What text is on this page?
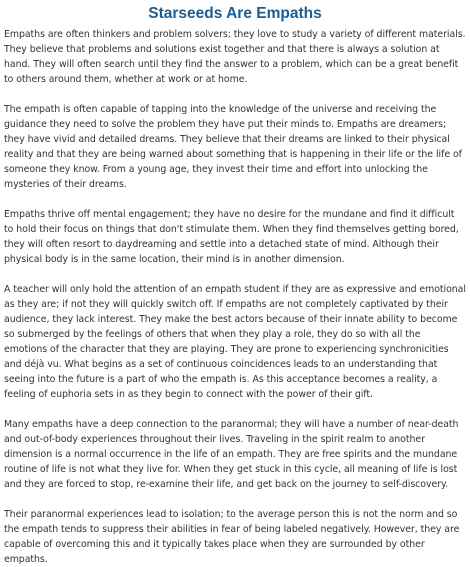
Starseeds Are Empaths

Empaths are often thinkers and problem solvers; they love to study a variety of different materials. They believe that problems and solutions exist together and that there is always a solution at hand. They will often search until they find the answer to a problem, which can be a great benefit to others around them, whether at work or at home.

The empath is often capable of tapping into the knowledge of the universe and receiving the guidance they need to solve the problem they have put their minds to. Empaths are dreamers; they have vivid and detailed dreams. They believe that their dreams are linked to their physical reality and that they are being warned about something that is happening in their life or the life of someone they know. From a young age, they invest their time and effort into unlocking the mysteries of their dreams.

Empaths thrive off mental engagement; they have no desire for the mundane and find it difficult to hold their focus on things that don't stimulate them. When they find themselves getting bored, they will often resort to daydreaming and settle into a detached state of mind. Although their physical body is in the same location, their mind is in another dimension.

A teacher will only hold the attention of an empath student if they are as expressive and emotional as they are; if not they will quickly switch off. If empaths are not completely captivated by their audience, they lack interest. They make the best actors because of their innate ability to become so submerged by the feelings of others that when they play a role, they do so with all the emotions of the character that they are playing. They are prone to experiencing synchronicities and déjà vu. What begins as a set of continuous coincidences leads to an understanding that seeing into the future is a part of who the empath is. As this acceptance becomes a reality, a feeling of euphoria sets in as they begin to connect with the power of their gift.

Many empaths have a deep connection to the paranormal; they will have a number of near-death and out-of-body experiences throughout their lives. Traveling in the spirit realm to another dimension is a normal occurrence in the life of an empath. They are free spirits and the mundane routine of life is not what they live for. When they get stuck in this cycle, all meaning of life is lost and they are forced to stop, re-examine their life, and get back on the journey to self-discovery.

Their paranormal experiences lead to isolation; to the average person this is not the norm and so the empath tends to suppress their abilities in fear of being labeled negatively. However, they are capable of overcoming this and it typically takes place when they are surrounded by other empaths.
